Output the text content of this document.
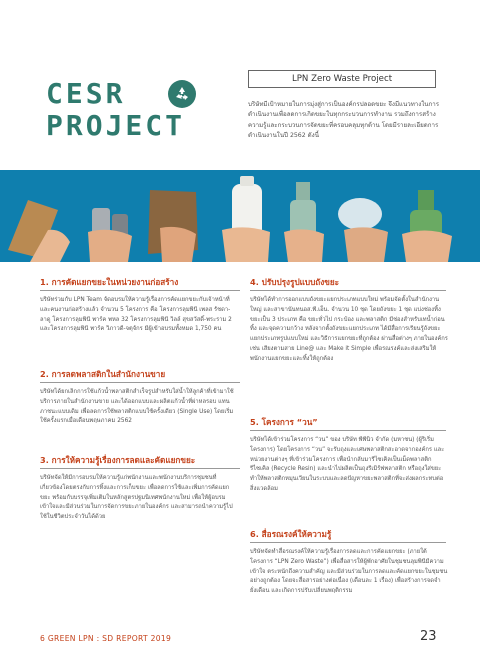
CESR
PROJECT
LPN Zero Waste Project
บริษัทมีเป้าหมายในการมุ่งสู่การเป็นองค์กรปลอดขยะ จึงมีแนวทางในการดำเนินงานเพื่อลดการเกิดขยะในทุกกระบวนการทำงาน รวมถึงการสร้างความรู้และกระบวนการจัดขยะที่ครอบคลุมทุกด้าน โดยมีรายละเอียดการดำเนินงานในปี 2562 ดังนี้
1. การคัดแยกขยะในหน่วยงานก่อสร้าง
บริษัทร่วมกับ LPN Team จัดอบรมให้ความรู้เรื่องการคัดแยกขยะกับเจ้าหน้าที่และคนงานก่อสร้างแล้ว จำนวน 5 โครงการ คือ โครงการลุมพินี เพลส รัชดา-ลาดู โครงการลุมพินี พาร์ค พหล 32 โครงการลุมพินี วิลล์ สุขสวัสดิ์-พระราม 2 และโครงการลุมพินี พาร์ค วิภาวดี-จตุจักร มีผู้เข้าอบรมทั้งหมด 1,750 คน
2. การลดพลาสติกในสำนักงานขาย
บริษัทได้ยกเลิกการใช้แก้วน้ำพลาสติกสำเร็จรูปสำหรับใส่น้ำให้ลูกค้าที่เข้ามาใช้บริการภายในสำนักงานขาย และได้ออกแบบและผลิตแก้วน้ำที่ผ่าหลรอบ แทนภาชนะแบบเดิม เพื่อลดการใช้พลาสติกแบบใช้ครั้งเดียว (Single Use) โดยเริ่มใช้ครั้งแรกเมื่อเดือนพฤษภาคม 2562
3. การให้ความรู้เรื่องการลดและคัดแยกขยะ
บริษัทจัดให้มีการอบรมให้ความรู้แก่พนักงานและพนักงานบริการชุมชนที่เกี่ยวข้องโดยตรงกับการทิ้งและการเก็บขยะ เพื่อลดการใช้และเพิ่มการคัดแยกขยะ พร้อมกับบรรจุเพิ่มเติมในหลักสูตรปฐมนิเทศพนักงานใหม่ เพื่อให้ผู้อบรมเข้าใจและมีส่วนร่วมในการจัดการขยะภายในองค์กร และสามารถนำความรู้ไปใช้ในชีวิตประจำวันได้ด้วย
4. ปรับปรุงรูปแบบถังขยะ
บริษัทได้ทำการออกแบบถังขยะแยกประเภทแบบใหม่ พร้อมจัดตั้งในสำนักงานใหญ่ และสาขานันทนอส.พี.เอ็น. จำนวน 10 ชุด โดยถังขยะ 1 ชุด แบ่งช่องทิ้งขยะเป็น 3 ประเภท คือ ขยะทั่วไป กระป๋อง และพลาสติก มีช่องสำหรับเทน้ำก่อนทิ้ง และจุดความกว้าง หลังจากตั้งถังขยะแยกประเภท ได้มีสื่อการเรียนรู้ถังขยะแยกประเภทรูปแบบใหม่ และวิธีการแยกขยะที่ถูกต้อง ผ่านสื่อต่างๆ ภายในองค์กร เช่น เสียงตามสาย Line@ และ Make it Simple เพื่อรณรงค์และส่งเสริมให้พนักงานแยกขยะและทิ้งให้ถูกต้อง
5. โครงการ “วน”
บริษัทได้เข้าร่วมโครงการ “วน” ของ บริษัท พีพีนิว จำกัด (มหาชน) (ผู้ริเริ่มโครงการ) โดยโครงการ “วน” จะรับถุงและเศษพลาสติกสะอาดจากองค์กร และหน่วยงานต่างๆ ที่เข้าร่วมโครงการ เพื่อนำกลับมารีไซเคิลเป็นเม็ดพลาสติกรีไซเคิล (Recycle Resin) และนำไปผลิตเป็นถุงรีเมิร์ฟพลาสติก หรือถุงใส่ขยะ ทำให้พลาสติกหมุนเวียนในระบบและลดปัญหาขยะพลาสติกที่จะส่งผลกระทบต่อสิ่งแวดล้อม
6. สื่อรณรงค์ให้ความรู้
บริษัทจัดทำสื่อรณรงค์ให้ความรู้เรื่องการลดและการคัดแยกขยะ (ภายใต้โครงการ “LPN Zero Waste”) เพื่อสื่อสารให้ผู้พักอาศัยในชุมชนลุมพินีมีความเข้าใจ ตระหนักถึงความสำคัญ และมีส่วนร่วมในการลดและคัดแยกขยะในชุมชนอย่างถูกต้อง โดยจะสื่อสารอย่างต่อเนื่อง (เดือนละ 1 เรื่อง) เพื่อสร้างการจดจำ ยั่งเดือน และเกิดการปรับเปลี่ยนพฤติกรรม
6 GREEN LPN : SD REPORT 2019	23
